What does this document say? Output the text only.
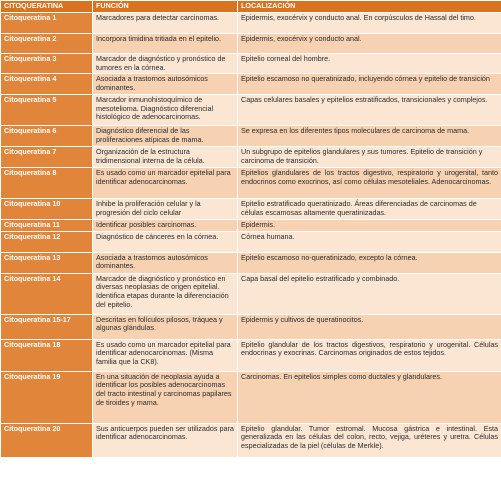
CITOQUERATINA	FUNCIÓN	LOCALIZACIÓN
Citoqueratina 1	Marcadores para detectar carcinomas.	Epidermis, exocérvix y conducto anal. En corpúsculos de Hassal del timo.
Citoqueratina 2	Incorpora timidina tritiada en el epitelio.	Epidermis, exocérvix y conducto anal.
Citoqueratina 3	Marcador de diagnóstico y pronóstico de tumores en la córnea.	Epitelio corneal del hombre.
Citoqueratina 4	Asociada a trastornos autosómicos dominantes.	Epitelio escamoso no queratinizado, incluyendo córnea y epitelio de transición
Citoqueratina 5	Marcador inmunohistoquímico de mesotelioma. Diagnóstico diferencial histológico de adenocarcinomas.	Capas celulares basales y epitelios estratificados, transicionales y complejos.
Citoqueratina 6	Diagnóstico diferencial de las proliferaciones atípicas de mama.	Se expresa en los diferentes tipos moleculares de carcinoma de mama.
Citoqueratina 7	Organización de la estructura tridimensional interna de la célula.	Un subgrupo de epitelios glandulares y sus tumores. Epitelio de transición y carcinoma de transición.
Citoqueratina 8	Es usado como un marcador epitelial para identificar adenocarcinomas.	Epitelios glandulares de los tractos digestivo, respiratorio y urogenital, tanto endocrinos como exocrinos, así como células mesoteliales. Adenocarcinomas.
Citoqueratina 10	Inhibe la proliferación celular y la progresión del ciclo celular	Epitelio estratificado queratinizado. Áreas diferenciadas de carcinomas de células escamosas altamente queratinizadas.
Citoqueratina 11	Identificar posibles carcinomas.	Epidermis.
Citoqueratina 12	Diagnóstico de cánceres en la córnea.	Córnea humana.
Citoqueratina 13	Asociada a trastornos autosómicos dominantes.	Epitelio escamoso no-queratinizado, excepto la córnea.
Citoqueratina 14	Marcador de diagnóstico y pronóstico en diversas neoplasias de origen epitelial. Identifica etapas durante la diferenciación del epitelio.	Capa basal del epitelio estratificado y combinado.
Citoqueratina 15-17	Descritas en folículos pilosos, tráquea y algunas glándulas.	Epidermis y cultivos de queratinocitos.
Citoqueratina 18	Es usado como un marcador epitelial para identificar adenocarcinomas. (Misma familia que la CK8).	Epitelio glandular de los tractos digestivos, respiratorio y urogenital. Células endocrinas y exocrinas. Carcinomas originados de estos tejidos.
Citoqueratina 19	En una situación de neoplasia ayuda a identificar los posibles adenocarcinomas del tracto intestinal y carcinomas papilares de tiroides y mama.	Carcinomas. En epitelios simples como ductales y glandulares.
Citoqueratina 20	Sus anticuerpos pueden ser utilizados para identificar adenocarcinomas.	Epitelio glandular. Tumor estromal. Mucosa gástrica e intestinal. Esta generalizada en las células del colon, recto, vejiga, uréteres y uretra. Células especializadas de la piel (células de Merkle).
